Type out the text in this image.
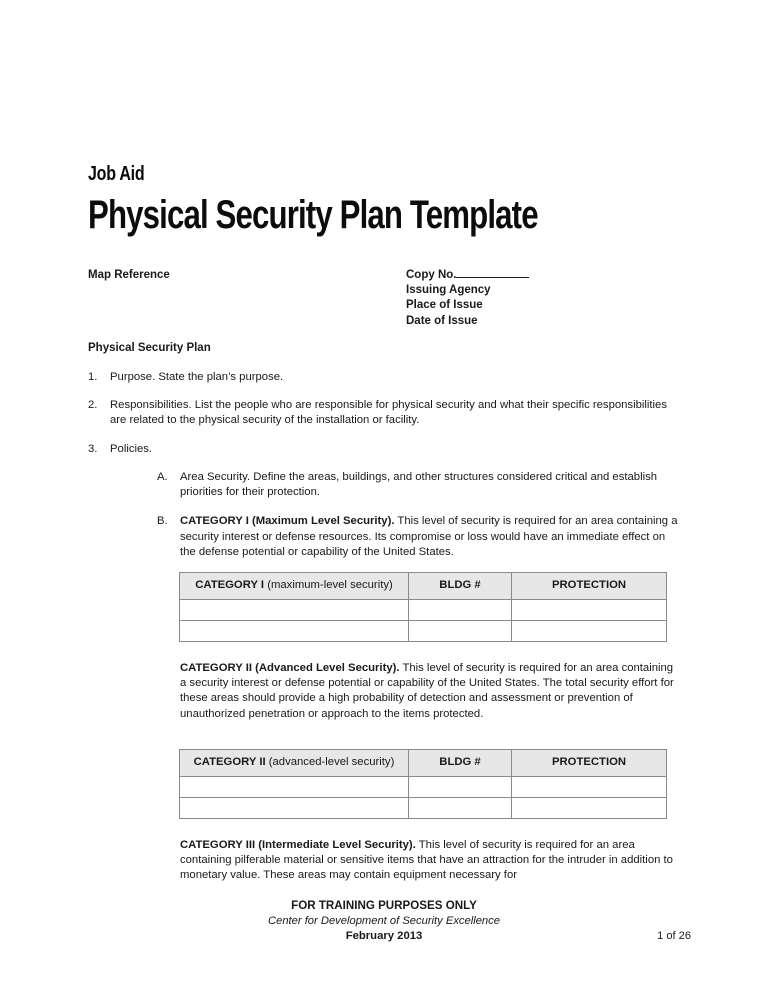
Job Aid
Physical Security Plan Template
Map Reference	Copy No.
Issuing Agency
Place of Issue
Date of Issue
Physical Security Plan
1.	Purpose. State the plan’s purpose.
2.	Responsibilities. List the people who are responsible for physical security and what their specific responsibilities are related to the physical security of the installation or facility.
3.	Policies.
A.	Area Security. Define the areas, buildings, and other structures considered critical and establish priorities for their protection.
B.	CATEGORY I (Maximum Level Security). This level of security is required for an area containing a security interest or defense resources. Its compromise or loss would have an immediate effect on the defense potential or capability of the United States.
CATEGORY I (maximum-level security)	BLDG #	PROTECTION

CATEGORY II (Advanced Level Security). This level of security is required for an area containing a security interest or defense potential or capability of the United States. The total security effort for these areas should provide a high probability of detection and assessment or prevention of unauthorized penetration or approach to the items protected.
CATEGORY II (advanced-level security)	BLDG #	PROTECTION

CATEGORY III (Intermediate Level Security). This level of security is required for an area containing pilferable material or sensitive items that have an attraction for the intruder in addition to monetary value. These areas may contain equipment necessary for
FOR TRAINING PURPOSES ONLY
Center for Development of Security Excellence
February 2013	1 of 26
